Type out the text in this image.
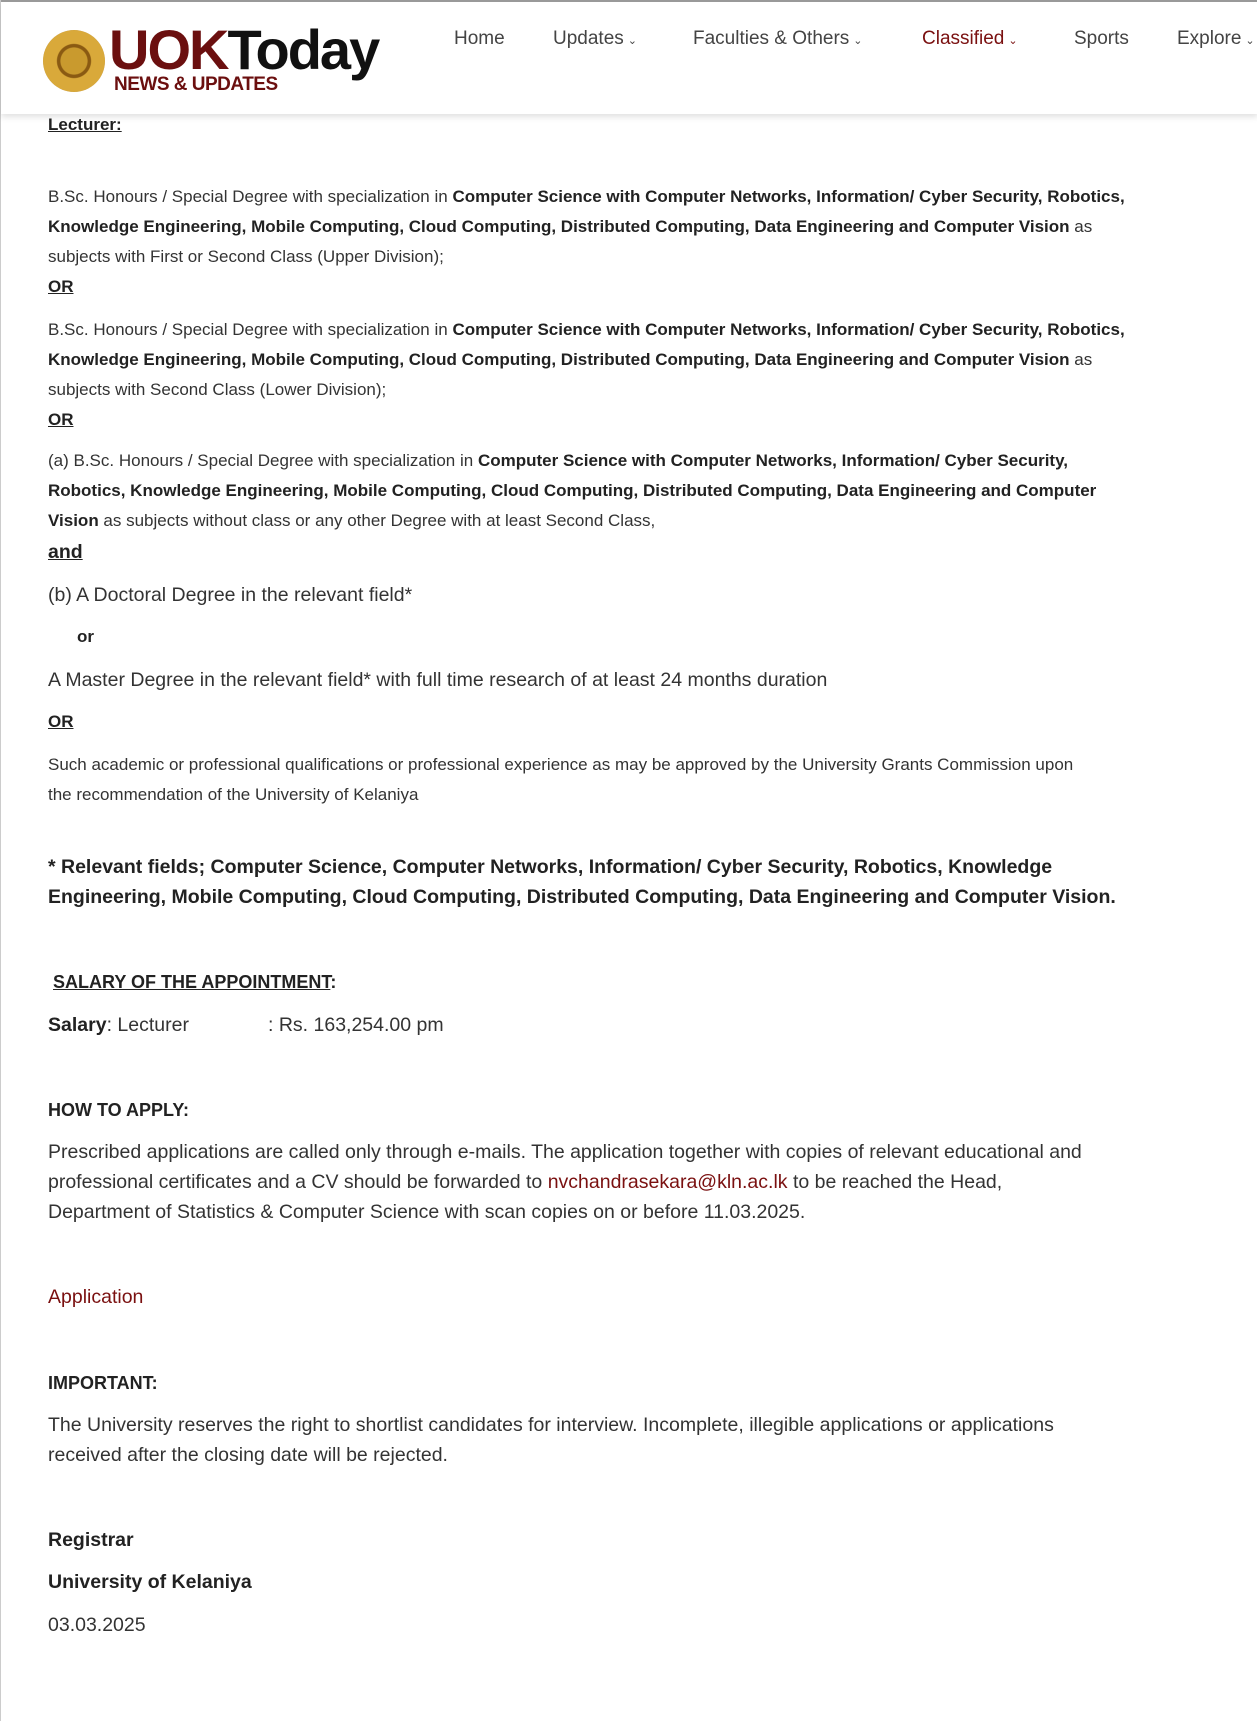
UOKToday
NEWS & UPDATES
Home	Updates ⌄	Faculties & Others ⌄	Classified ⌄	Sports	Explore ⌄
Lecturer:
B.Sc. Honours / Special Degree with specialization in Computer Science with Computer Networks, Information/ Cyber Security, Robotics,
Knowledge Engineering, Mobile Computing, Cloud Computing, Distributed Computing, Data Engineering and Computer Vision as
subjects with First or Second Class (Upper Division);
OR
B.Sc. Honours / Special Degree with specialization in Computer Science with Computer Networks, Information/ Cyber Security, Robotics,
Knowledge Engineering, Mobile Computing, Cloud Computing, Distributed Computing, Data Engineering and Computer Vision as
subjects with Second Class (Lower Division);
OR
(a) B.Sc. Honours / Special Degree with specialization in Computer Science with Computer Networks, Information/ Cyber Security,
Robotics, Knowledge Engineering, Mobile Computing, Cloud Computing, Distributed Computing, Data Engineering and Computer
Vision as subjects without class or any other Degree with at least Second Class,
and
(b) A Doctoral Degree in the relevant field*
or
A Master Degree in the relevant field* with full time research of at least 24 months duration
OR
Such academic or professional qualifications or professional experience as may be approved by the University Grants Commission upon
the recommendation of the University of Kelaniya
* Relevant fields; Computer Science, Computer Networks, Information/ Cyber Security, Robotics, Knowledge
Engineering, Mobile Computing, Cloud Computing, Distributed Computing, Data Engineering and Computer Vision.
SALARY OF THE APPOINTMENT:
Salary: Lecturer	: Rs. 163,254.00 pm
HOW TO APPLY:
Prescribed applications are called only through e-mails. The application together with copies of relevant educational and
professional certificates and a CV should be forwarded to nvchandrasekara@kln.ac.lk to be reached the Head,
Department of Statistics & Computer Science with scan copies on or before 11.03.2025.
Application
IMPORTANT:
The University reserves the right to shortlist candidates for interview. Incomplete, illegible applications or applications
received after the closing date will be rejected.
Registrar
University of Kelaniya
03.03.2025
